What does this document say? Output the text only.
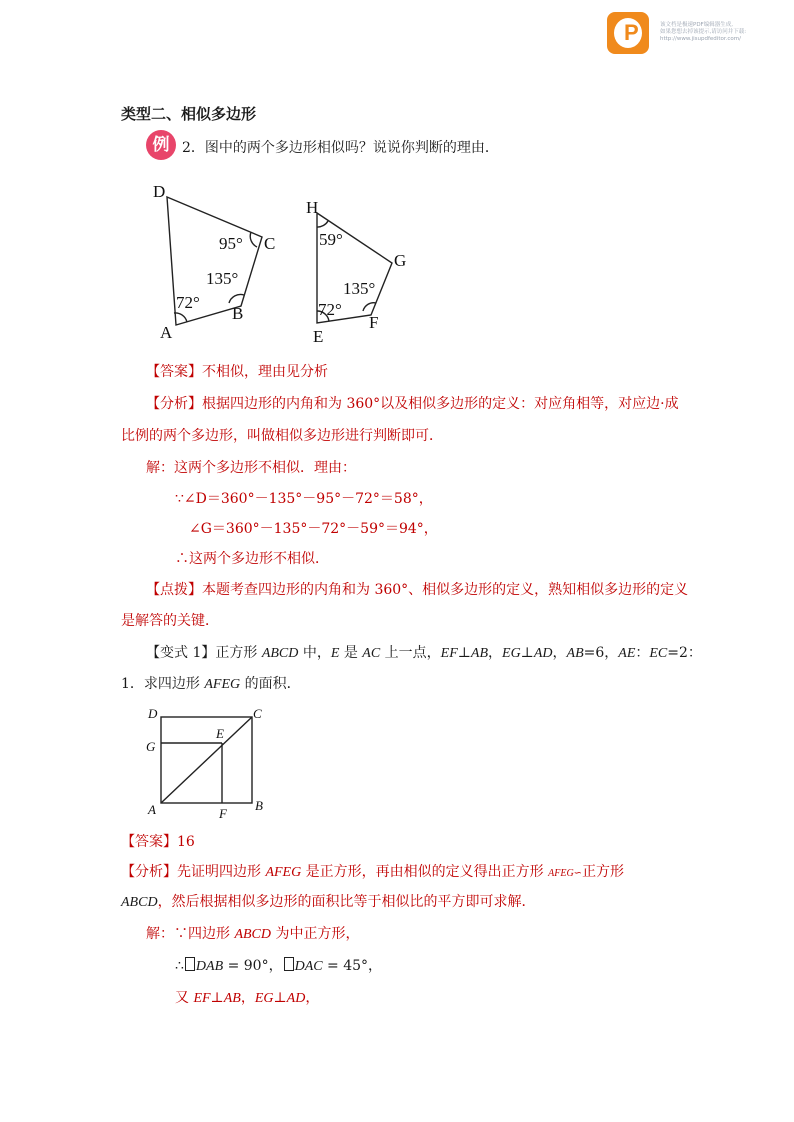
P	该文档是极速PDF编辑器生成,
如果您想去掉该提示,请访问并下载:
http://www.jisupdfeditor.com/
类型二、相似多边形
例 2．图中的两个多边形相似吗？说说你判断的理由．
D
C
B
A
95°
135°
72°
H
G
F
E
59°
135°
72°
【答案】不相似，理由见分析
【分析】根据四边形的内角和为 360°以及相似多边形的定义：对应角相等，对应边·成
比例的两个多边形，叫做相似多边形进行判断即可．
解：这两个多边形不相似．理由：
∵∠D＝360°－135°－95°－72°＝58°，
∠G＝360°－135°－72°－59°＝94°，
∴这两个多边形不相似．
【点拨】本题考查四边形的内角和为 360°、相似多边形的定义，熟知相似多边形的定义
是解答的关键．
【变式 1】正方形 ABCD 中，E 是 AC 上一点，EF⊥AB，EG⊥AD，AB=6，AE：EC=2：
1．求四边形 AFEG 的面积．
D	C
G
E
A	F
B
【答案】16
【分析】先证明四边形 AFEG 是正方形，再由相似的定义得出正方形 AFEG∽正方形
ABCD，然后根据相似多边形的面积比等于相似比的平方即可求解．
解：∵四边形 ABCD 为中正方形，
∴ DAB = 90°， DAC = 45°，
又 EF⊥AB，EG⊥AD，
